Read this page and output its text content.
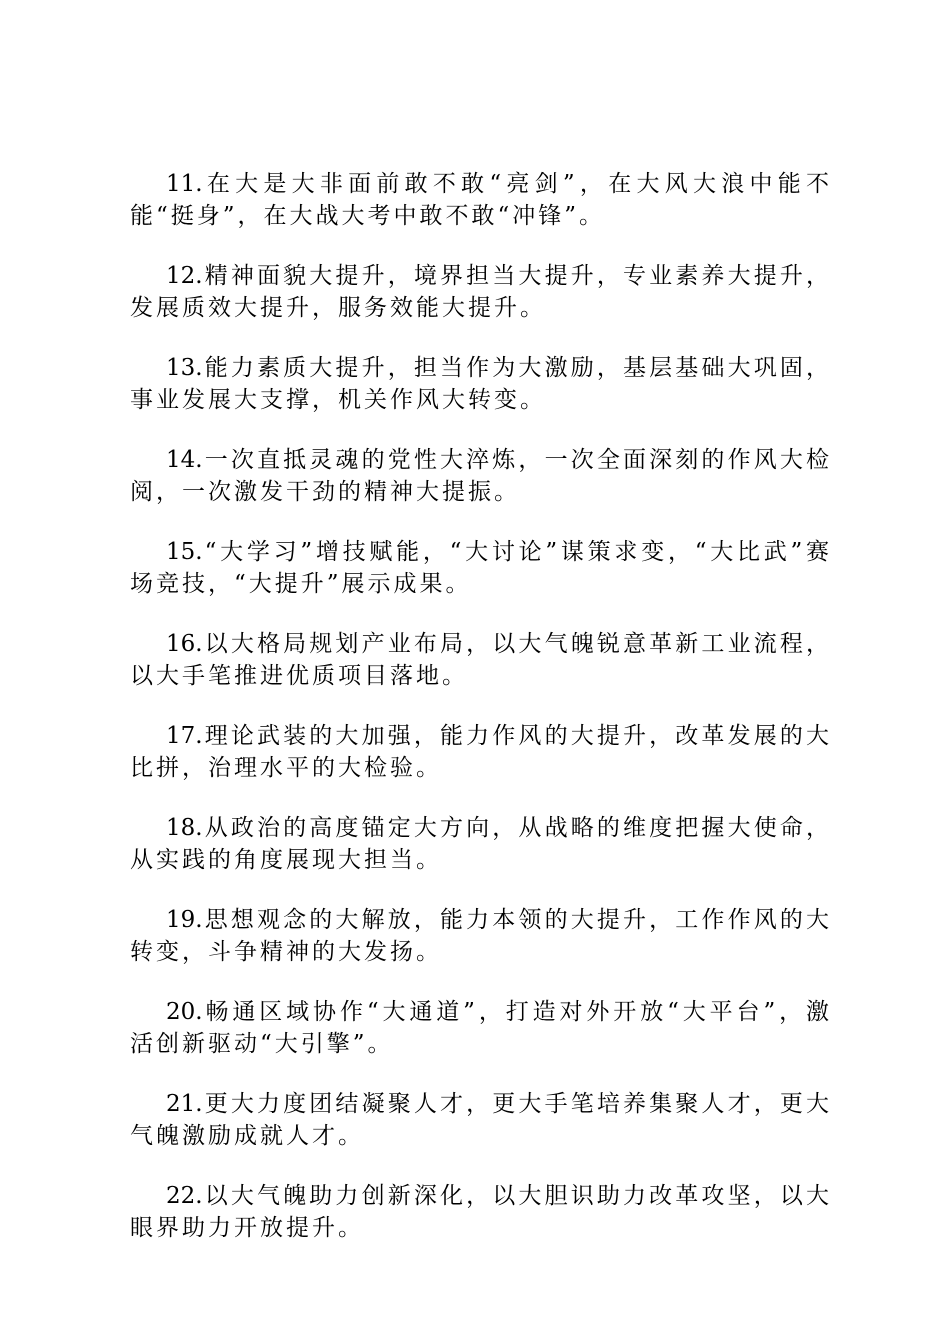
11.在大是大非面前敢不敢“亮剑”，在大风大浪中能不能“挺身”，在大战大考中敢不敢“冲锋”。

12.精神面貌大提升，境界担当大提升，专业素养大提升，发展质效大提升，服务效能大提升。

13.能力素质大提升，担当作为大激励，基层基础大巩固，事业发展大支撑，机关作风大转变。

14.一次直抵灵魂的党性大淬炼，一次全面深刻的作风大检阅，一次激发干劲的精神大提振。

15.“大学习”增技赋能，“大讨论”谋策求变，“大比武”赛场竞技，“大提升”展示成果。

16.以大格局规划产业布局，以大气魄锐意革新工业流程，以大手笔推进优质项目落地。

17.理论武装的大加强，能力作风的大提升，改革发展的大比拼，治理水平的大检验。

18.从政治的高度锚定大方向，从战略的维度把握大使命，从实践的角度展现大担当。

19.思想观念的大解放，能力本领的大提升，工作作风的大转变，斗争精神的大发扬。

20.畅通区域协作“大通道”，打造对外开放“大平台”，激活创新驱动“大引擎”。

21.更大力度团结凝聚人才，更大手笔培养集聚人才，更大气魄激励成就人才。

22.以大气魄助力创新深化，以大胆识助力改革攻坚，以大眼界助力开放提升。
